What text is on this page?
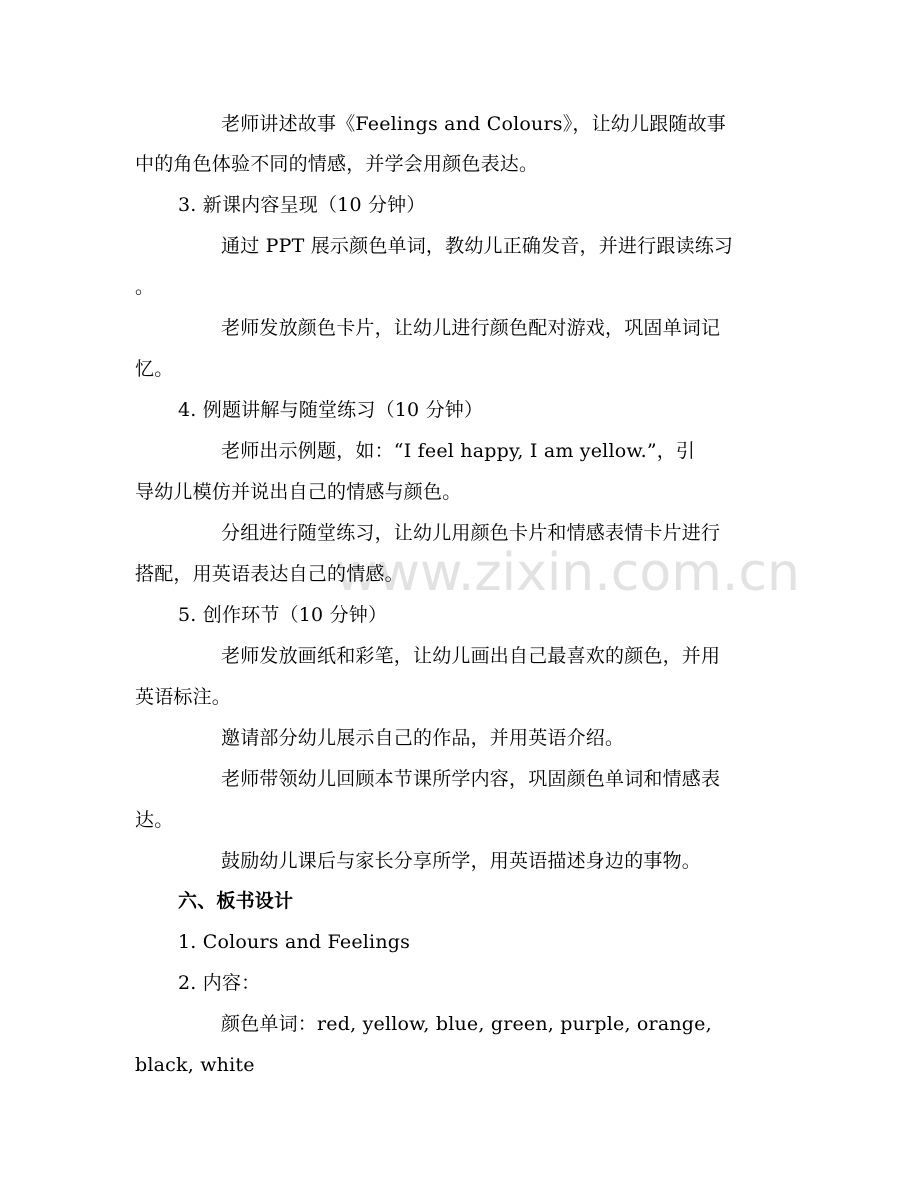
www.zixin.com.cn
老师讲述故事《Feelings and Colours》，让幼儿跟随故事
中的角色体验不同的情感，并学会用颜色表达。
3. 新课内容呈现（10 分钟）
通过 PPT 展示颜色单词，教幼儿正确发音，并进行跟读练习
。
老师发放颜色卡片，让幼儿进行颜色配对游戏，巩固单词记
忆。
4. 例题讲解与随堂练习（10 分钟）
老师出示例题，如：“I feel happy, I am yellow.”，引
导幼儿模仿并说出自己的情感与颜色。
分组进行随堂练习，让幼儿用颜色卡片和情感表情卡片进行
搭配，用英语表达自己的情感。
5. 创作环节（10 分钟）
老师发放画纸和彩笔，让幼儿画出自己最喜欢的颜色，并用
英语标注。
邀请部分幼儿展示自己的作品，并用英语介绍。
老师带领幼儿回顾本节课所学内容，巩固颜色单词和情感表
达。
鼓励幼儿课后与家长分享所学，用英语描述身边的事物。
六、板书设计
1. Colours and Feelings
2. 内容：
颜色单词：red, yellow, blue, green, purple, orange,
black, white
